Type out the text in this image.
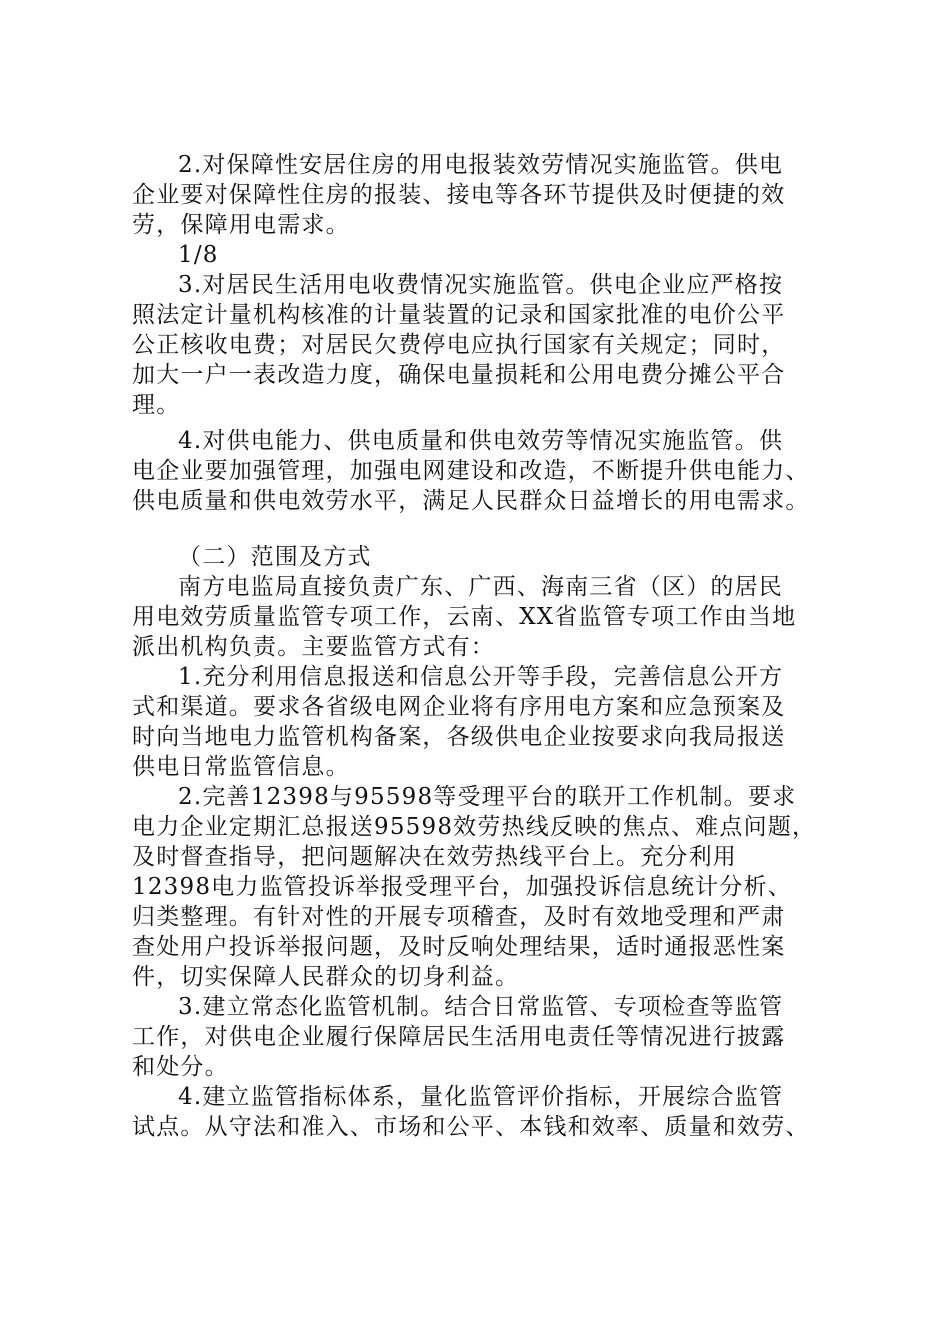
2.对保障性安居住房的用电报装效劳情况实施监管。供电
企业要对保障性住房的报装、接电等各环节提供及时便捷的效
劳，保障用电需求。
1/8
3.对居民生活用电收费情况实施监管。供电企业应严格按
照法定计量机构核准的计量装置的记录和国家批准的电价公平
公正核收电费；对居民欠费停电应执行国家有关规定；同时，
加大一户一表改造力度，确保电量损耗和公用电费分摊公平合
理。
4.对供电能力、供电质量和供电效劳等情况实施监管。供
电企业要加强管理，加强电网建设和改造，不断提升供电能力、
供电质量和供电效劳水平，满足人民群众日益增长的用电需求。
（二）范围及方式
南方电监局直接负责广东、广西、海南三省（区）的居民
用电效劳质量监管专项工作，云南、XX省监管专项工作由当地
派出机构负责。主要监管方式有：
1.充分利用信息报送和信息公开等手段，完善信息公开方
式和渠道。要求各省级电网企业将有序用电方案和应急预案及
时向当地电力监管机构备案，各级供电企业按要求向我局报送
供电日常监管信息。
2.完善12398与95598等受理平台的联开工作机制。要求
电力企业定期汇总报送95598效劳热线反映的焦点、难点问题，
及时督查指导，把问题解决在效劳热线平台上。充分利用
12398电力监管投诉举报受理平台，加强投诉信息统计分析、
归类整理。有针对性的开展专项稽查，及时有效地受理和严肃
查处用户投诉举报问题，及时反响处理结果，适时通报恶性案
件，切实保障人民群众的切身利益。
3.建立常态化监管机制。结合日常监管、专项检查等监管
工作，对供电企业履行保障居民生活用电责任等情况进行披露
和处分。
4.建立监管指标体系，量化监管评价指标，开展综合监管
试点。从守法和准入、市场和公平、本钱和效率、质量和效劳、
